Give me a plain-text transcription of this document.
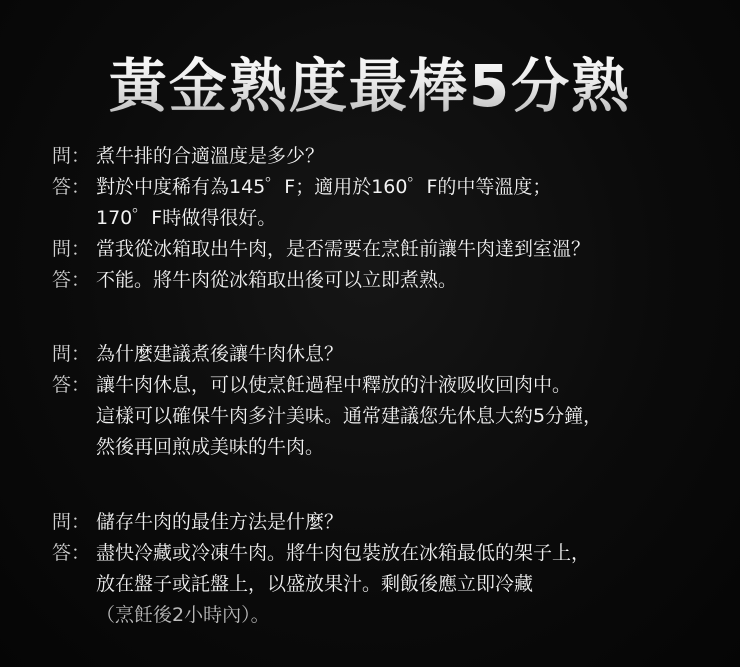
黃金熟度最棒5分熟
問： 煮牛排的合適溫度是多少？
答： 對於中度稀有為145゜F；適用於160゜F的中等溫度；
170゜F時做得很好。
問： 當我從冰箱取出牛肉，是否需要在烹飪前讓牛肉達到室溫？
答： 不能。將牛肉從冰箱取出後可以立即煮熟。
問： 為什麼建議煮後讓牛肉休息？
答： 讓牛肉休息，可以使烹飪過程中釋放的汁液吸收回肉中。
這樣可以確保牛肉多汁美味。通常建議您先休息大約5分鐘，
然後再回煎成美味的牛肉。
問： 儲存牛肉的最佳方法是什麼？
答： 盡快冷藏或冷凍牛肉。將牛肉包裝放在冰箱最低的架子上，
放在盤子或託盤上，以盛放果汁。剩飯後應立即冷藏
（烹飪後2小時內）。
